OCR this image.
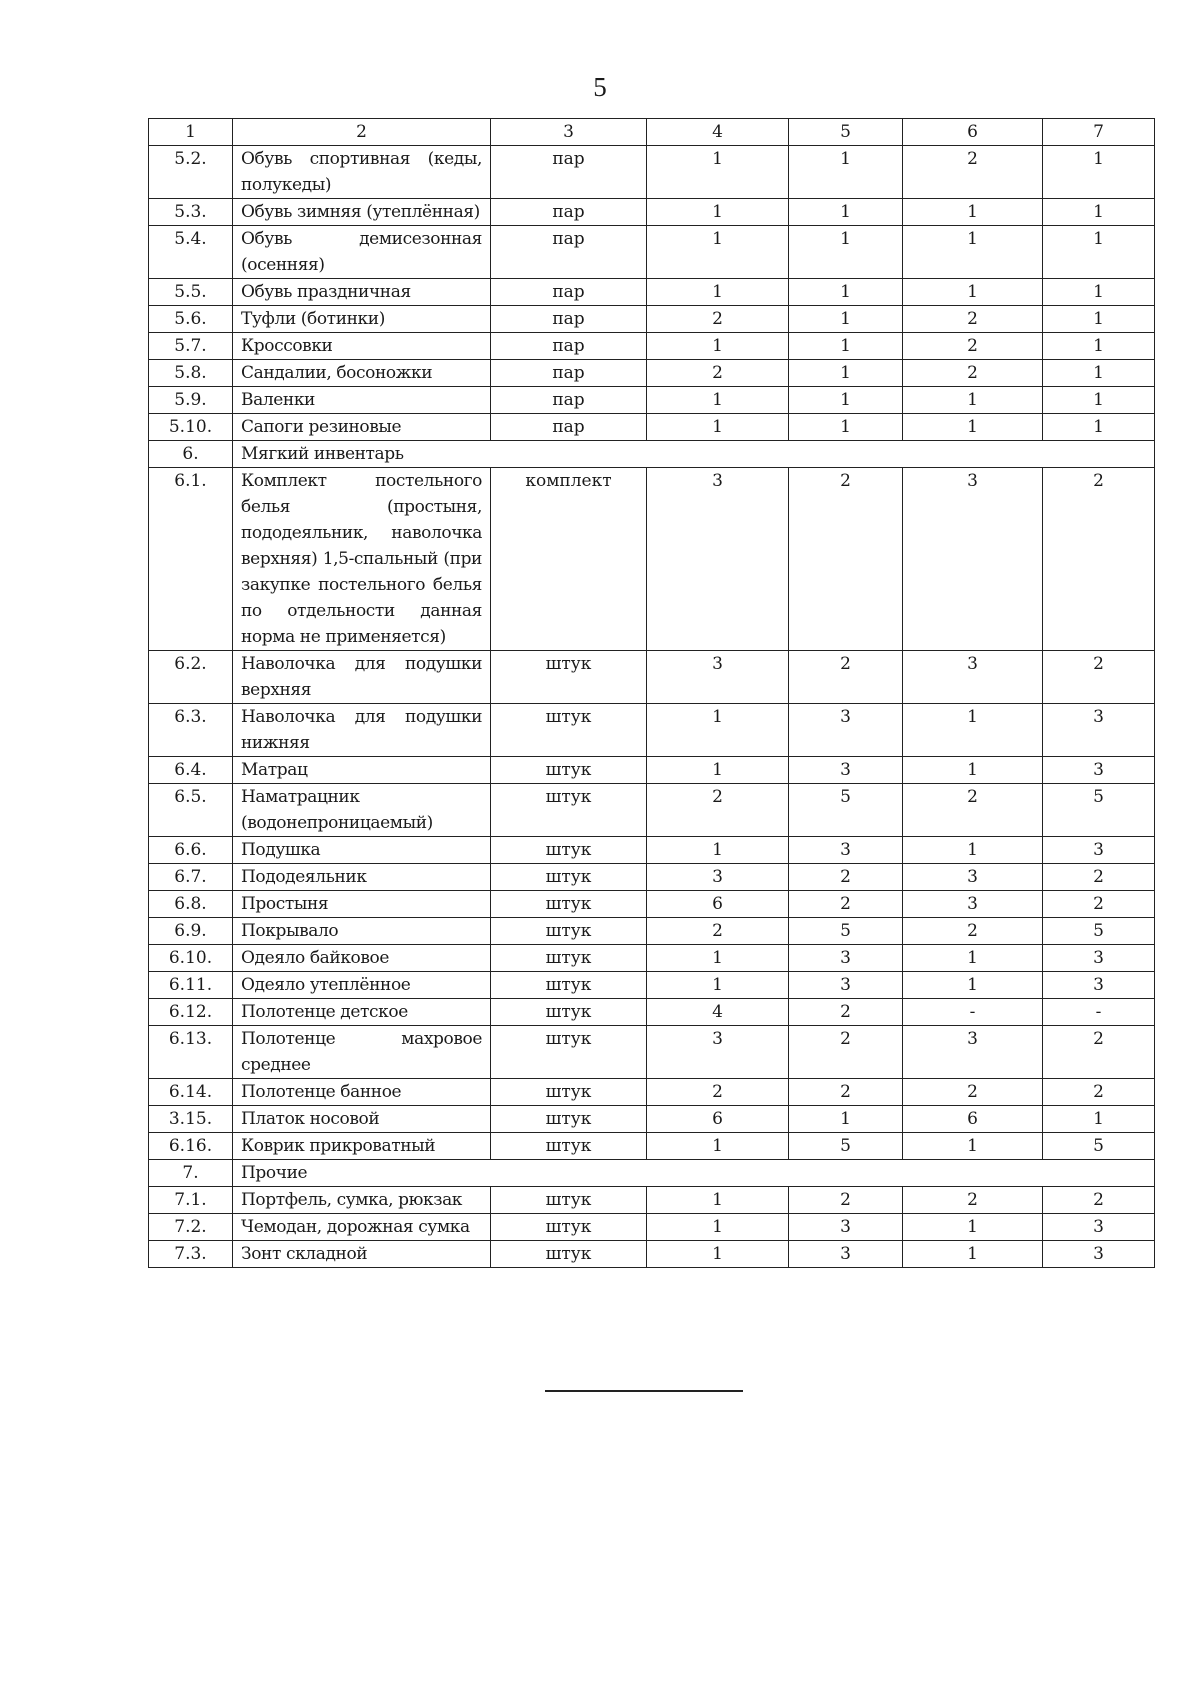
5
1	2	3	4	5	6	7
5.2.	Обувь спортивная (кеды, полукеды)	пар	1	1	2	1
5.3.	Обувь зимняя (утеплённая)	пар	1	1	1	1
5.4.	Обувь демисезонная (осенняя)	пар	1	1	1	1
5.5.	Обувь праздничная	пар	1	1	1	1
5.6.	Туфли (ботинки)	пар	2	1	2	1
5.7.	Кроссовки	пар	1	1	2	1
5.8.	Сандалии, босоножки	пар	2	1	2	1
5.9.	Валенки	пар	1	1	1	1
5.10.	Сапоги резиновые	пар	1	1	1	1
6.	Мягкий инвентарь					
6.1.	Комплект постельного белья (простыня, пододеяльник, наволочка верхняя) 1,5-спальный (при закупке постельного белья по отдельности данная норма не применяется)	комплект	3	2	3	2
6.2.	Наволочка для подушки верхняя	штук	3	2	3	2
6.3.	Наволочка для подушки нижняя	штук	1	3	1	3
6.4.	Матрац	штук	1	3	1	3
6.5.	Наматрацник (водонепроницаемый)	штук	2	5	2	5
6.6.	Подушка	штук	1	3	1	3
6.7.	Пододеяльник	штук	3	2	3	2
6.8.	Простыня	штук	6	2	3	2
6.9.	Покрывало	штук	2	5	2	5
6.10.	Одеяло байковое	штук	1	3	1	3
6.11.	Одеяло утеплённое	штук	1	3	1	3
6.12.	Полотенце детское	штук	4	2	-	-
6.13.	Полотенце махровое среднее	штук	3	2	3	2
6.14.	Полотенце банное	штук	2	2	2	2
3.15.	Платок носовой	штук	6	1	6	1
6.16.	Коврик прикроватный	штук	1	5	1	5
7.	Прочие					
7.1.	Портфель, сумка, рюкзак	штук	1	2	2	2
7.2.	Чемодан, дорожная сумка	штук	1	3	1	3
7.3.	Зонт складной	штук	1	3	1	3
